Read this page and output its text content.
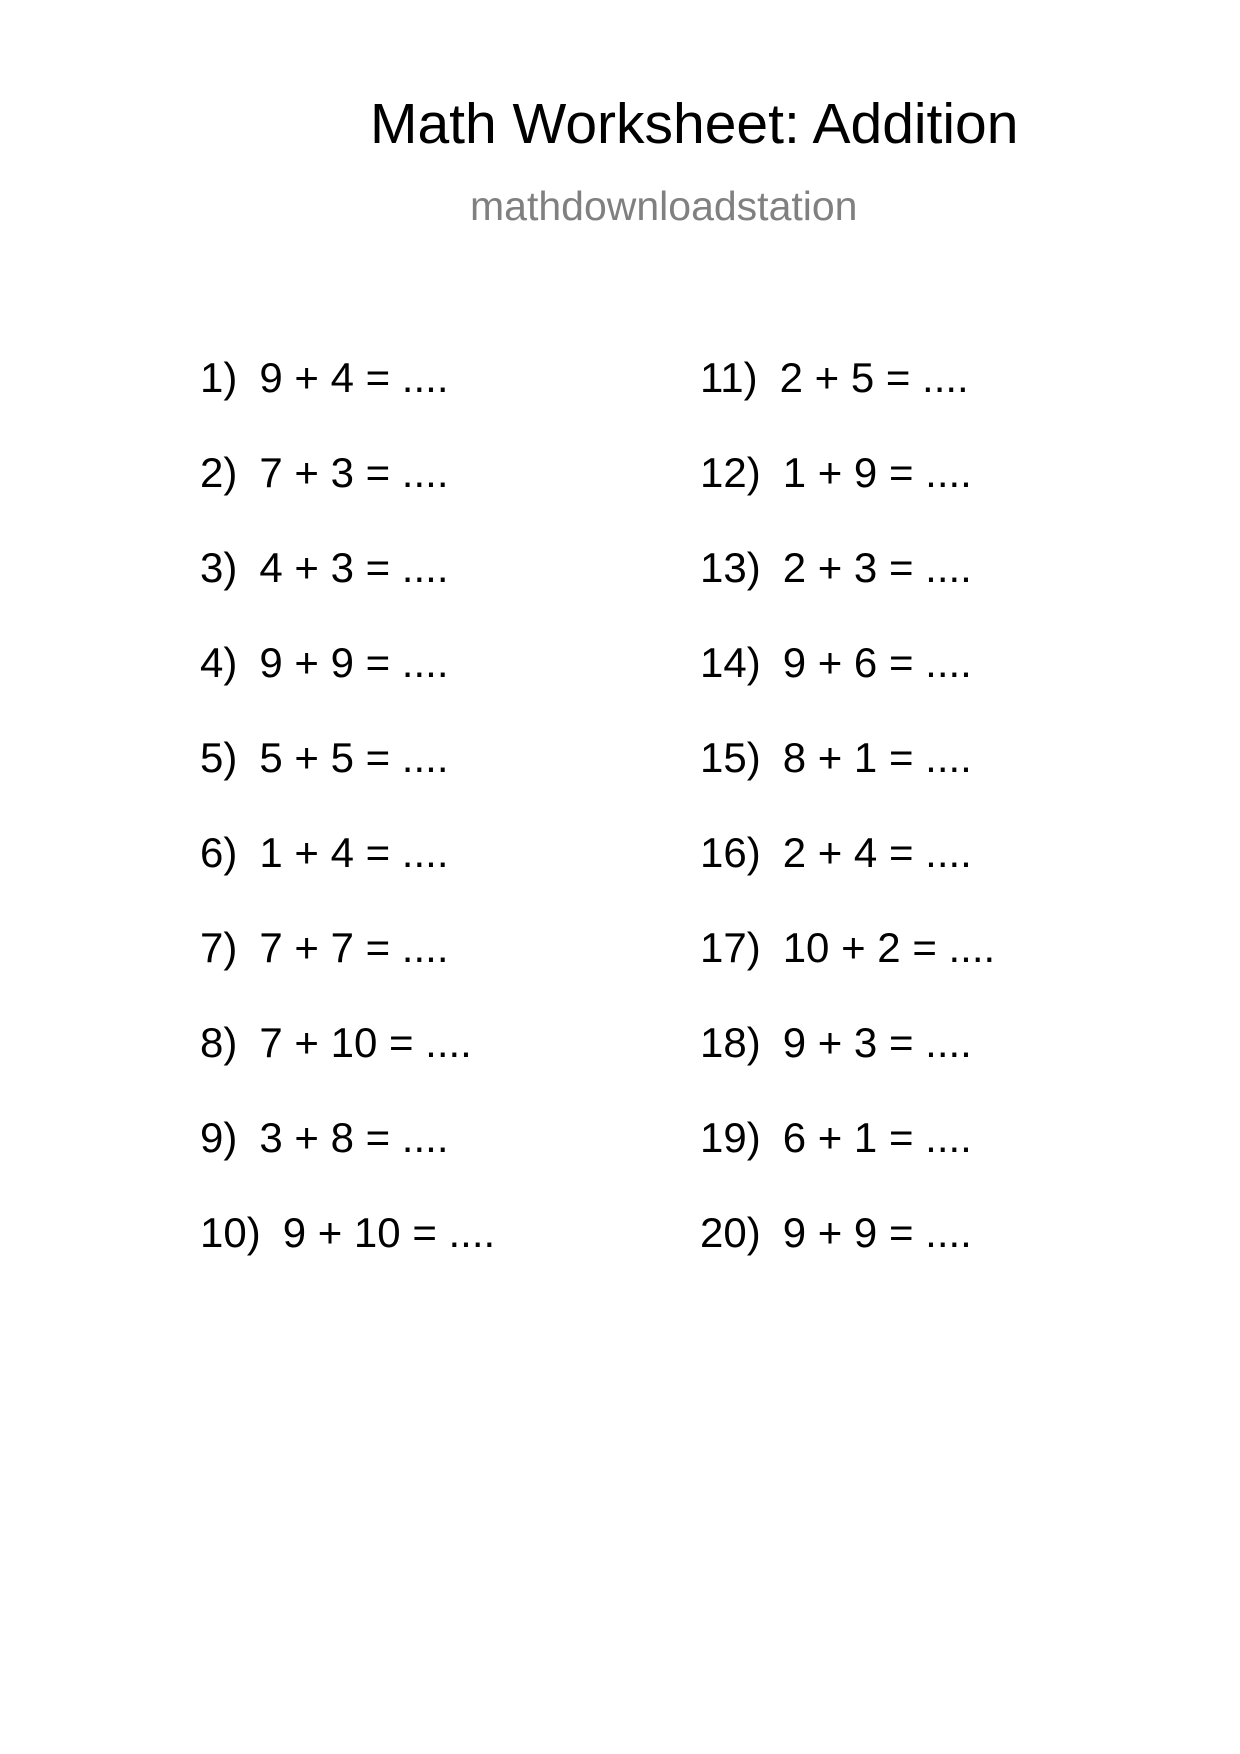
Math Worksheet: Addition
mathdownloadstation
1) 9 + 4 = ....
2) 7 + 3 = ....
3) 4 + 3 = ....
4) 9 + 9 = ....
5) 5 + 5 = ....
6) 1 + 4 = ....
7) 7 + 7 = ....
8) 7 + 10 = ....
9) 3 + 8 = ....
10) 9 + 10 = ....
11) 2 + 5 = ....
12) 1 + 9 = ....
13) 2 + 3 = ....
14) 9 + 6 = ....
15) 8 + 1 = ....
16) 2 + 4 = ....
17) 10 + 2 = ....
18) 9 + 3 = ....
19) 6 + 1 = ....
20) 9 + 9 = ....
